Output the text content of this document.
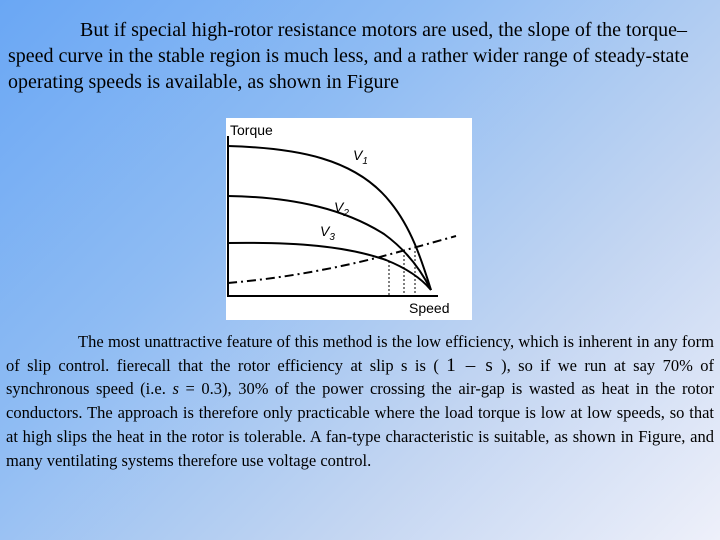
But if special high-rotor resistance motors are used, the slope of the torque–speed curve in the stable region is much less, and a rather wider range of steady-state operating speeds is available, as shown in Figure

Torque
Speed
$V_1$
$V_2$
$V_3$

The most unattractive feature of this method is the low efficiency, which is inherent in any form of slip control. fierecall that the rotor efficiency at slip s is ( 1 – s ), so if we run at say 70% of synchronous speed (i.e. s = 0.3), 30% of the power crossing the air-gap is wasted as heat in the rotor conductors. The approach is therefore only practicable where the load torque is low at low speeds, so that at high slips the heat in the rotor is tolerable. A fan-type characteristic is suitable, as shown in Figure, and many ventilating systems therefore use voltage control.
